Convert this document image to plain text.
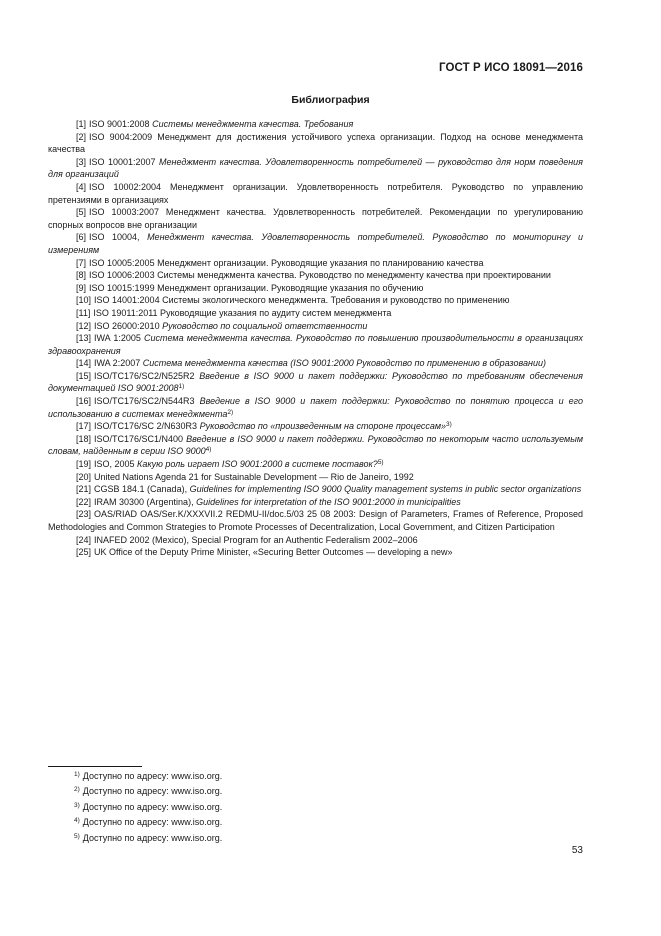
ГОСТ Р ИСО 18091—2016
Библиография

[1] ISO 9001:2008 Системы менеджмента качества. Требования

[2] ISO 9004:2009 Менеджмент для достижения устойчивого успеха организации. Подход на основе менеджмента качества

[3] ISO 10001:2007 Менеджмент качества. Удовлетворенность потребителей — руководство для норм поведения для организаций

[4] ISO 10002:2004 Менеджмент организации. Удовлетворенность потребителя. Руководство по управлению претензиями в организациях

[5] ISO 10003:2007 Менеджмент качества. Удовлетворенность потребителей. Рекомендации по урегулированию спорных вопросов вне организации

[6] ISO 10004, Менеджмент качества. Удовлетворенность потребителей. Руководство по мониторингу и измерениям

[7] ISO 10005:2005 Менеджмент организации. Руководящие указания по планированию качества

[8] ISO 10006:2003 Системы менеджмента качества. Руководство по менеджменту качества при проектировании

[9] ISO 10015:1999 Менеджмент организации. Руководящие указания по обучению

[10] ISO 14001:2004 Системы экологического менеджмента. Требования и руководство по применению

[11] ISO 19011:2011 Руководящие указания по аудиту систем менеджмента

[12] ISO 26000:2010 Руководство по социальной ответственности

[13] IWA 1:2005 Система менеджмента качества. Руководство по повышению производительности в организациях здравоохранения

[14] IWA 2:2007 Система менеджмента качества (ISO 9001:2000 Руководство по применению в образовании)

[15] ISO/TC176/SC2/N525R2 Введение в ISO 9000 и пакет поддержки: Руководство по требованиям обеспечения документацией ISO 9001:2008$^{1)}$

[16] ISO/TC176/SC2/N544R3 Введение в ISO 9000 и пакет поддержки: Руководство по понятию процесса и его использованию в системах менеджмента$^{2)}$

[17] ISO/TC176/SC 2/N630R3 Руководство по «произведенным на стороне процессам»$^{3)}$

[18] ISO/TC176/SC1/N400 Введение в ISO 9000 и пакет поддержки. Руководство по некоторым часто используемым словам, найденным в серии ISO 9000$^{4)}$

[19] ISO, 2005 Какую роль играет ISO 9001:2000 в системе поставок?$^{5)}$

[20] United Nations Agenda 21 for Sustainable Development — Rio de Janeiro, 1992

[21] CGSB 184.1 (Canada), Guidelines for implementing ISO 9000 Quality management systems in public sector organizations

[22] IRAM 30300 (Argentina), Guidelines for interpretation of the ISO 9001:2000 in municipalities

[23] OAS/RIAD OAS/Ser.K/XXXVII.2 REDMU-II/doc.5/03 25 08 2003: Design of Parameters, Frames of Reference, Proposed Methodologies and Common Strategies to Promote Processes of Decentralization, Local Government, and Citizen Participation

[24] INAFED 2002 (Mexico), Special Program for an Authentic Federalism 2002–2006

[25] UK Office of the Deputy Prime Minister, «Securing Better Outcomes — developing a new»

$^{1)}$ Доступно по адресу: www.iso.org.

$^{2)}$ Доступно по адресу: www.iso.org.

$^{3)}$ Доступно по адресу: www.iso.org.

$^{4)}$ Доступно по адресу: www.iso.org.

$^{5)}$ Доступно по адресу: www.iso.org.

53
